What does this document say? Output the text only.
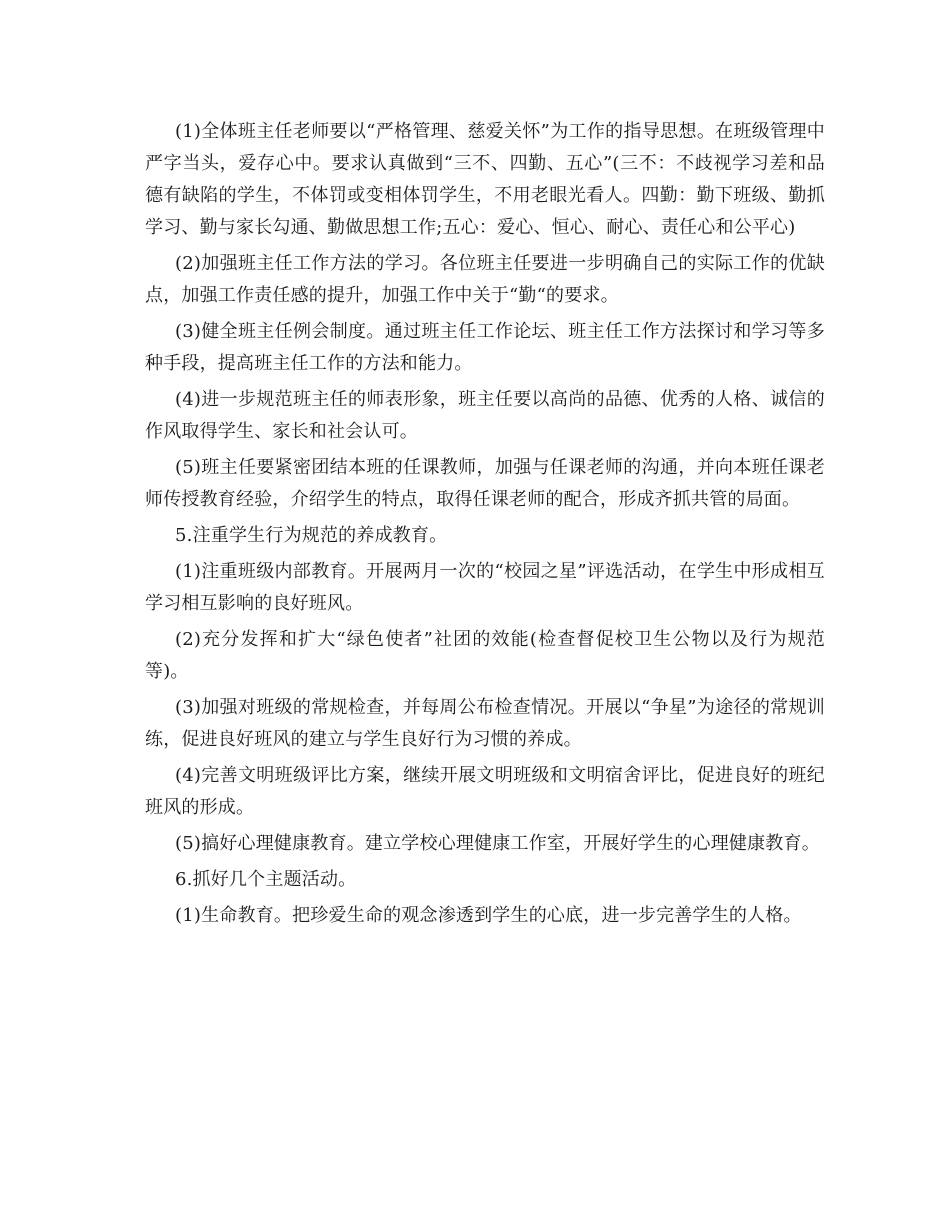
(1)全体班主任老师要以“严格管理、慈爱关怀”为工作的指导思想。在班级管理中严字当头，爱存心中。要求认真做到“三不、四勤、五心”(三不：不歧视学习差和品德有缺陷的学生，不体罚或变相体罚学生，不用老眼光看人。四勤：勤下班级、勤抓学习、勤与家长勾通、勤做思想工作;五心：爱心、恒心、耐心、责任心和公平心)

(2)加强班主任工作方法的学习。各位班主任要进一步明确自己的实际工作的优缺点，加强工作责任感的提升，加强工作中关于“勤“的要求。

(3)健全班主任例会制度。通过班主任工作论坛、班主任工作方法探讨和学习等多种手段，提高班主任工作的方法和能力。

(4)进一步规范班主任的师表形象，班主任要以高尚的品德、优秀的人格、诚信的作风取得学生、家长和社会认可。

(5)班主任要紧密团结本班的任课教师，加强与任课老师的沟通，并向本班任课老师传授教育经验，介绍学生的特点，取得任课老师的配合，形成齐抓共管的局面。

5.注重学生行为规范的养成教育。

(1)注重班级内部教育。开展两月一次的“校园之星”评选活动，在学生中形成相互学习相互影响的良好班风。

(2)充分发挥和扩大“绿色使者”社团的效能(检查督促校卫生公物以及行为规范等)。

(3)加强对班级的常规检查，并每周公布检查情况。开展以“争星”为途径的常规训练，促进良好班风的建立与学生良好行为习惯的养成。

(4)完善文明班级评比方案，继续开展文明班级和文明宿舍评比，促进良好的班纪班风的形成。

(5)搞好心理健康教育。建立学校心理健康工作室，开展好学生的心理健康教育。

6.抓好几个主题活动。

(1)生命教育。把珍爱生命的观念渗透到学生的心底，进一步完善学生的人格。
